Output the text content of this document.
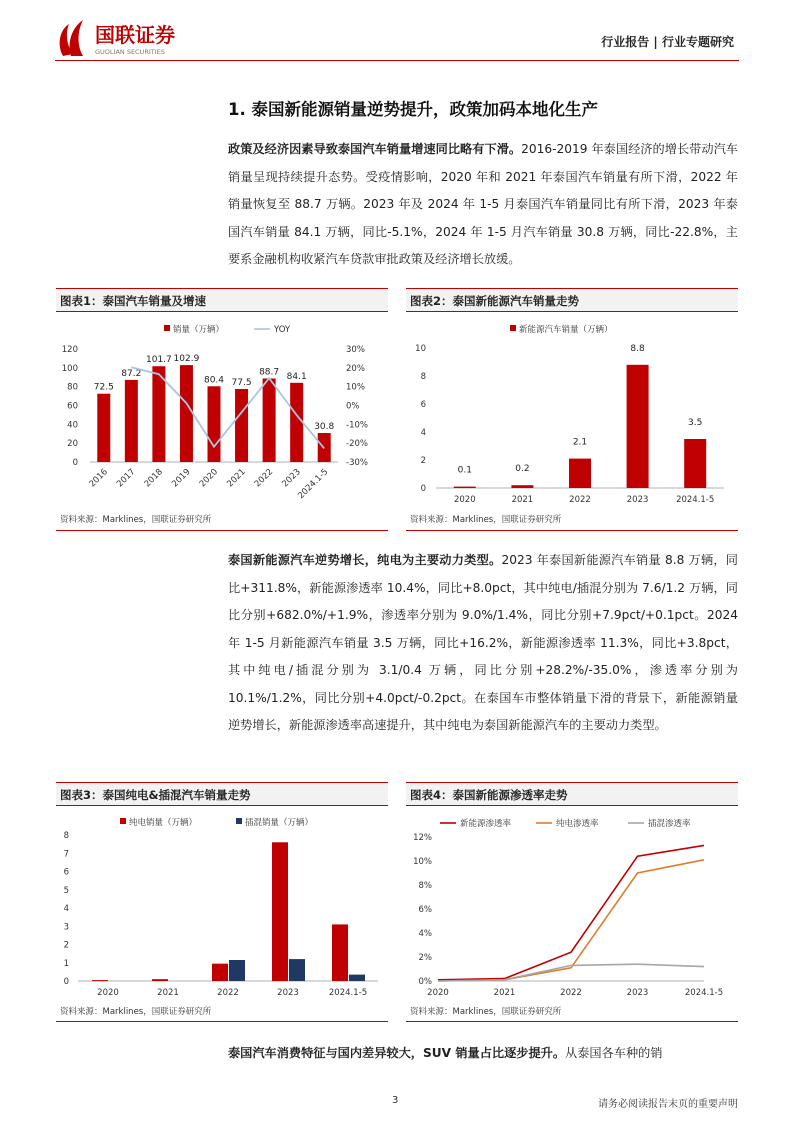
国联证券
GUOLIAN SECURITIES
行业报告 | 行业专题研究
1. 泰国新能源销量逆势提升，政策加码本地化生产
政策及经济因素导致泰国汽车销量增速同比略有下滑。2016-2019 年泰国经济的增长带动汽车销量呈现持续提升态势。受疫情影响，2020 年和 2021 年泰国汽车销量有所下滑，2022 年销量恢复至 88.7 万辆。2023 年及 2024 年 1-5 月泰国汽车销量同比有所下滑，2023 年泰国汽车销量 84.1 万辆，同比-5.1%，2024 年 1-5 月汽车销量 30.8 万辆，同比-22.8%，主要系金融机构收紧汽车贷款审批政策及经济增长放缓。
图表1：泰国汽车销量及增速
销量（万辆）	YOY
0
20
40
60
80
100
120
-30%
-20%
-10%
0%
10%
20%
30%
72.5
2016
87.2
2017
101.7
2018
102.9
2019
80.4
2020
77.5
2021
88.7
2022
84.1
2023
30.8
2024.1-5
资料来源：Marklines，国联证券研究所
图表2：泰国新能源汽车销量走势
新能源汽车销量（万辆）
0
2
4
6
8
10
0.1
2020
0.2
2021
2.1
2022
8.8
2023
3.5
2024.1-5
资料来源：Marklines，国联证券研究所
泰国新能源汽车逆势增长，纯电为主要动力类型。2023 年泰国新能源汽车销量 8.8 万辆，同比+311.8%，新能源渗透率 10.4%，同比+8.0pct，其中纯电/插混分别为 7.6/1.2 万辆，同比分别+682.0%/+1.9%，渗透率分别为 9.0%/1.4%，同比分别+7.9pct/+0.1pct。2024 年 1-5 月新能源汽车销量 3.5 万辆，同比+16.2%，新能源渗透率 11.3%，同比+3.8pct，其中纯电/插混分别为 3.1/0.4 万辆，同比分别+28.2%/-35.0%，渗透率分别为 10.1%/1.2%，同比分别+4.0pct/-0.2pct。在泰国车市整体销量下滑的背景下，新能源销量逆势增长，新能源渗透率高速提升，其中纯电为泰国新能源汽车的主要动力类型。
图表3：泰国纯电&插混汽车销量走势
纯电销量（万辆）	插混销量（万辆）
0
1
2
3
4
5
6
7
8
2020	2021	2022	2023	2024.1-5
资料来源：Marklines，国联证券研究所
图表4：泰国新能源渗透率走势
新能源渗透率	纯电渗透率	插混渗透率
0%
2%
4%
6%
8%
10%
12%
2020	2021	2022	2023	2024.1-5
资料来源：Marklines，国联证券研究所
泰国汽车消费特征与国内差异较大，SUV 销量占比逐步提升。从泰国各车种的销
3	请务必阅读报告末页的重要声明
